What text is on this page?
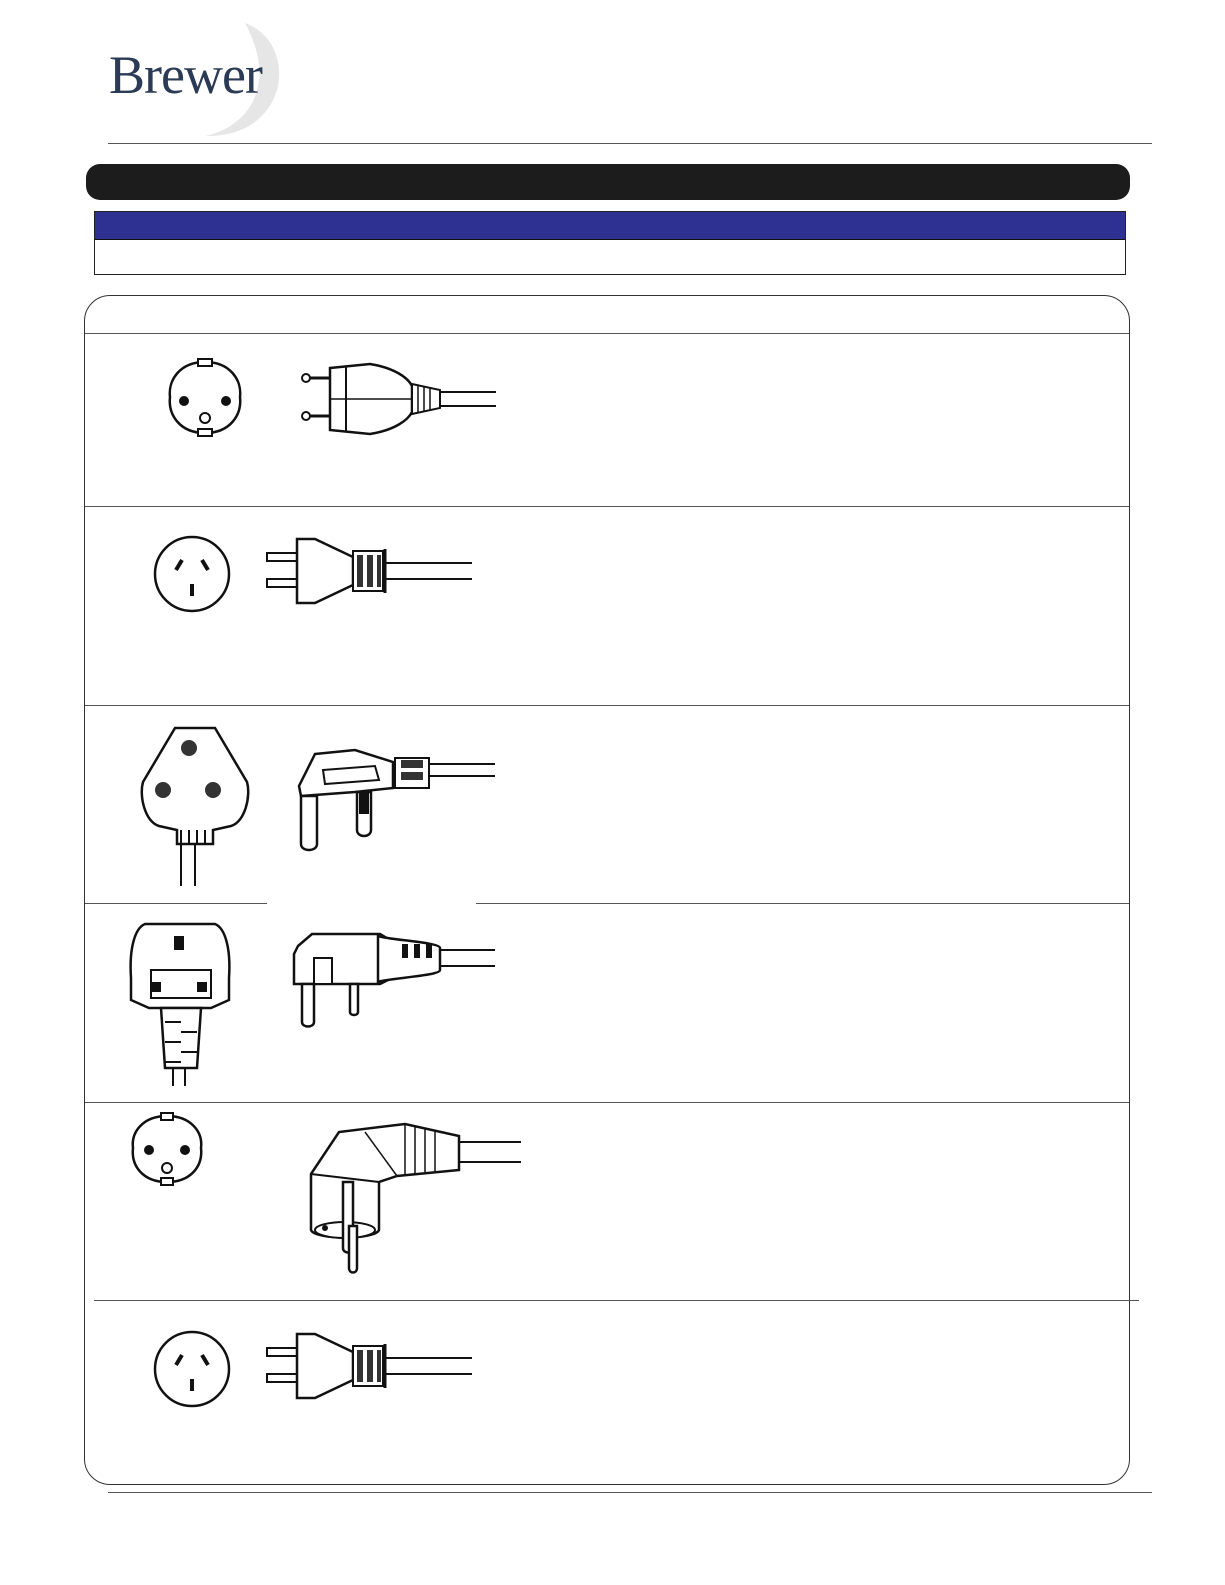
Brewer
